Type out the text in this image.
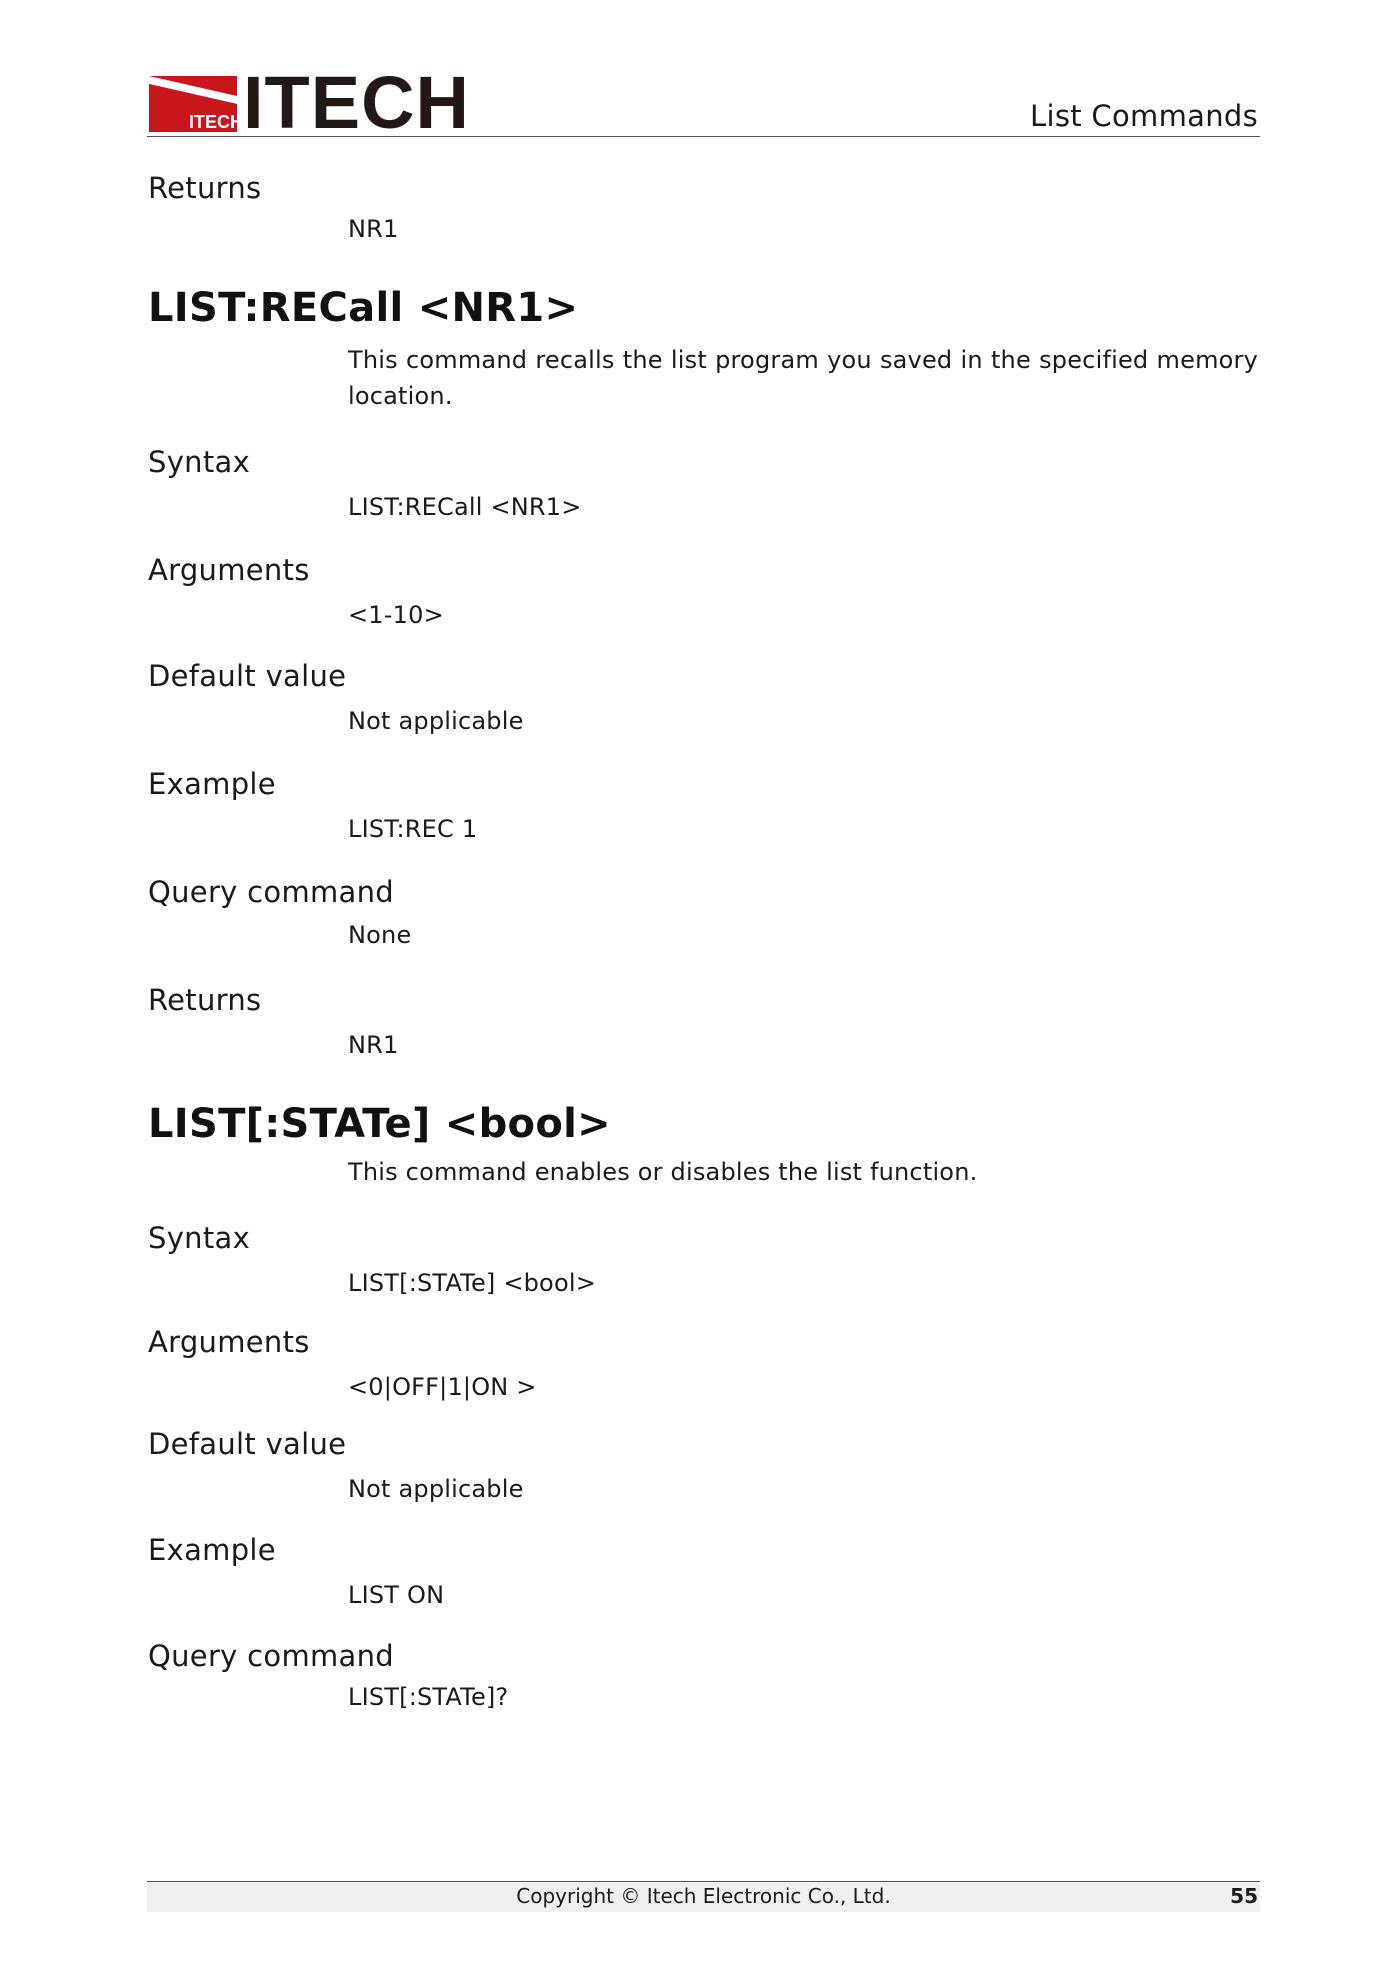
ITECH ITECH	List Commands
Returns
NR1
LIST:RECall <NR1>
This command recalls the list program you saved in the specified memory location.
Syntax
LIST:RECall <NR1>
Arguments
<1-10>
Default value
Not applicable
Example
LIST:REC 1
Query command
None
Returns
NR1
LIST[:STATe] <bool>
This command enables or disables the list function.
Syntax
LIST[:STATe] <bool>
Arguments
<0|OFF|1|ON >
Default value
Not applicable
Example
LIST ON
Query command
LIST[:STATe]?
Copyright © Itech Electronic Co., Ltd.	55
